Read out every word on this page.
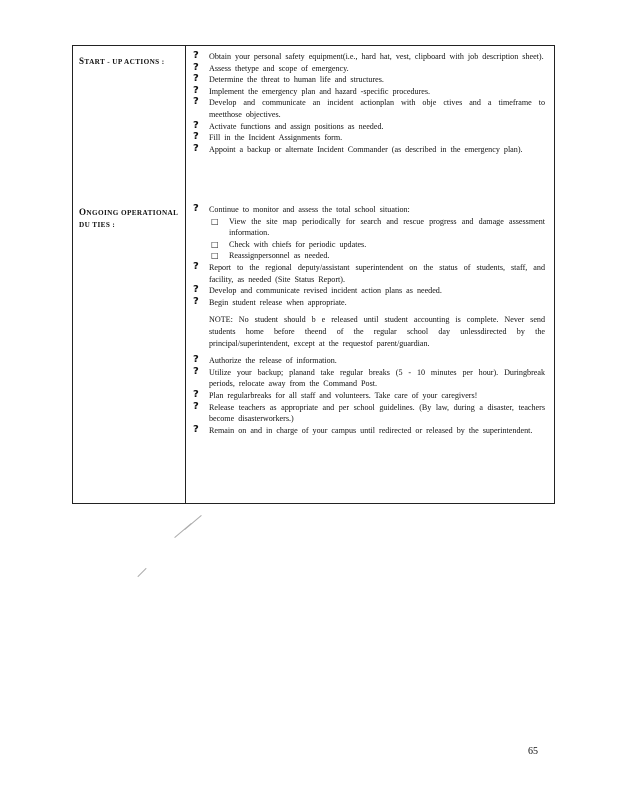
START - UP ACTIONS :
? Obtain your personal safety equipment(i.e., hard hat, vest, clipboard with job description sheet).
? Assess thetype and scope of emergency.
? Determine the threat to human life and structures.
? Implement the emergency plan and hazard -specific procedures.
? Develop and communicate an incident actionplan with obje ctives and a timeframe to meetthose objectives.
? Activate functions and assign positions as needed.
? Fill in the Incident Assignments form.
? Appoint a backup or alternate Incident Commander (as described in the emergency plan).
ONGOING OPERATIONAL DU TIES :
? Continue to monitor and assess the total school situation:
□ View the site map periodically for search and rescue progress and damage assessment information.
□ Check with chiefs for periodic updates.
□ Reassignpersonnel as needed.
? Report to the regional deputy/assistant superintendent on the status of students, staff, and facility, as needed (Site Status Report).
? Develop and communicate revised incident action plans as needed.
? Begin student release when appropriate.
NOTE: No student should b e released until student accounting is complete. Never send students home before theend of the regular school day unlessdirected by the principal/superintendent, except at the requestof parent/guardian.
? Authorize the release of information.
? Utilize your backup; planand take regular breaks (5 - 10 minutes per hour). Duringbreak periods, relocate away from the Command Post.
? Plan regularbreaks for all staff and volunteers. Take care of your caregivers!
? Release teachers as appropriate and per school guidelines. (By law, during a disaster, teachers become disasterworkers.)
? Remain on and in charge of your campus until redirected or released by the superintendent.
65
